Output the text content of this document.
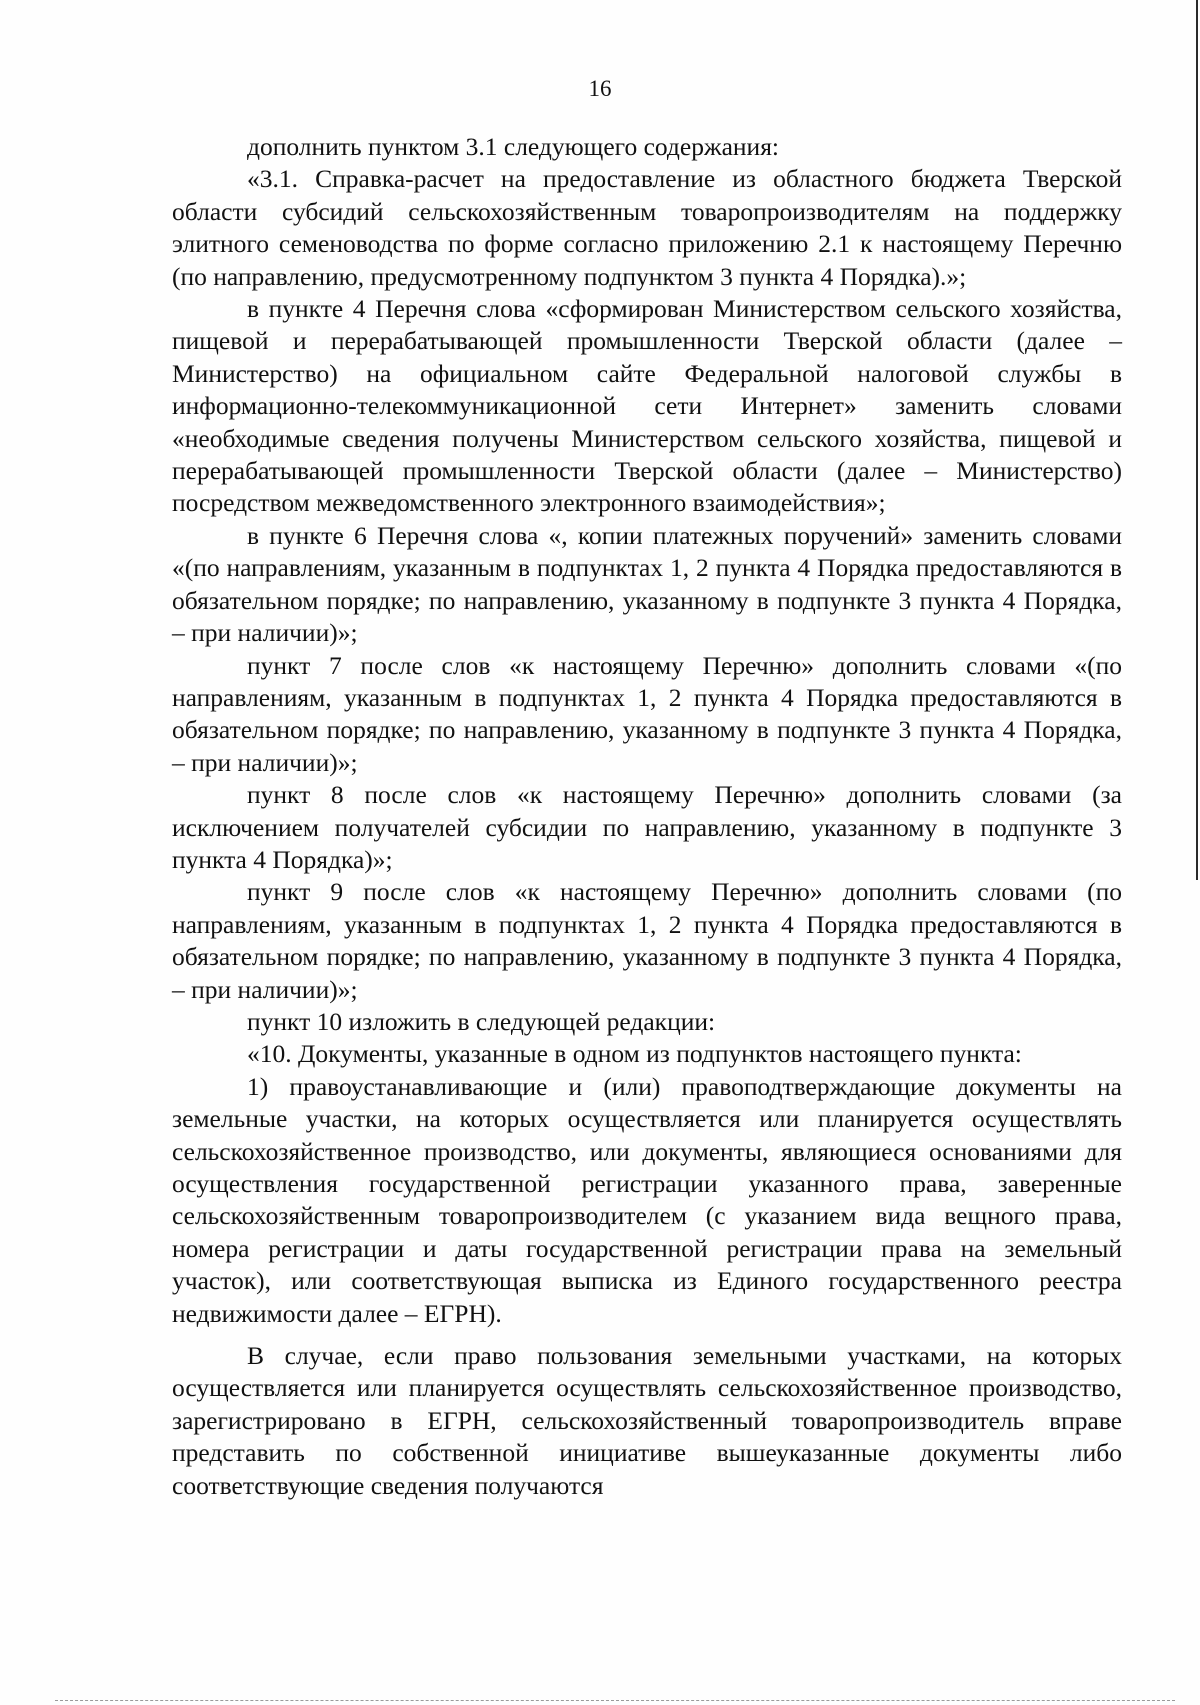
16

дополнить пунктом 3.1 следующего содержания:

«3.1. Справка-расчет на предоставление из областного бюджета Тверской области субсидий сельскохозяйственным товаропроизводителям на поддержку элитного семеноводства по форме согласно приложению 2.1 к настоящему Перечню (по направлению, предусмотренному подпунктом 3 пункта 4 Порядка).»;

в пункте 4 Перечня слова «сформирован Министерством сельского хозяйства, пищевой и перерабатывающей промышленности Тверской области (далее – Министерство) на официальном сайте Федеральной налоговой службы в информационно-телекоммуникационной сети Интернет» заменить словами «необходимые сведения получены Министерством сельского хозяйства, пищевой и перерабатывающей промышленности Тверской области (далее – Министерство) посредством межведомственного электронного взаимодействия»;

в пункте 6 Перечня слова «, копии платежных поручений» заменить словами «(по направлениям, указанным в подпунктах 1, 2 пункта 4 Порядка предоставляются в обязательном порядке; по направлению, указанному в подпункте 3 пункта 4 Порядка, – при наличии)»;

пункт 7 после слов «к настоящему Перечню» дополнить словами «(по направлениям, указанным в подпунктах 1, 2 пункта 4 Порядка предоставляются в обязательном порядке; по направлению, указанному в подпункте 3 пункта 4 Порядка, – при наличии)»;

пункт 8 после слов «к настоящему Перечню» дополнить словами (за исключением получателей субсидии по направлению, указанному в подпункте 3 пункта 4 Порядка)»;

пункт 9 после слов «к настоящему Перечню» дополнить словами (по направлениям, указанным в подпунктах 1, 2 пункта 4 Порядка предоставляются в обязательном порядке; по направлению, указанному в подпункте 3 пункта 4 Порядка, – при наличии)»;

пункт 10 изложить в следующей редакции:

«10. Документы, указанные в одном из подпунктов настоящего пункта:

1) правоустанавливающие и (или) правоподтверждающие документы на земельные участки, на которых осуществляется или планируется осуществлять сельскохозяйственное производство, или документы, являющиеся основаниями для осуществления государственной регистрации указанного права, заверенные сельскохозяйственным товаропроизводителем (с указанием вида вещного права, номера регистрации и даты государственной регистрации права на земельный участок), или соответствующая выписка из Единого государственного реестра недвижимости далее – ЕГРН).

В случае, если право пользования земельными участками, на которых осуществляется или планируется осуществлять сельскохозяйственное производство, зарегистрировано в ЕГРН, сельскохозяйственный товаропроизводитель вправе представить по собственной инициативе вышеуказанные документы либо соответствующие сведения получаются
